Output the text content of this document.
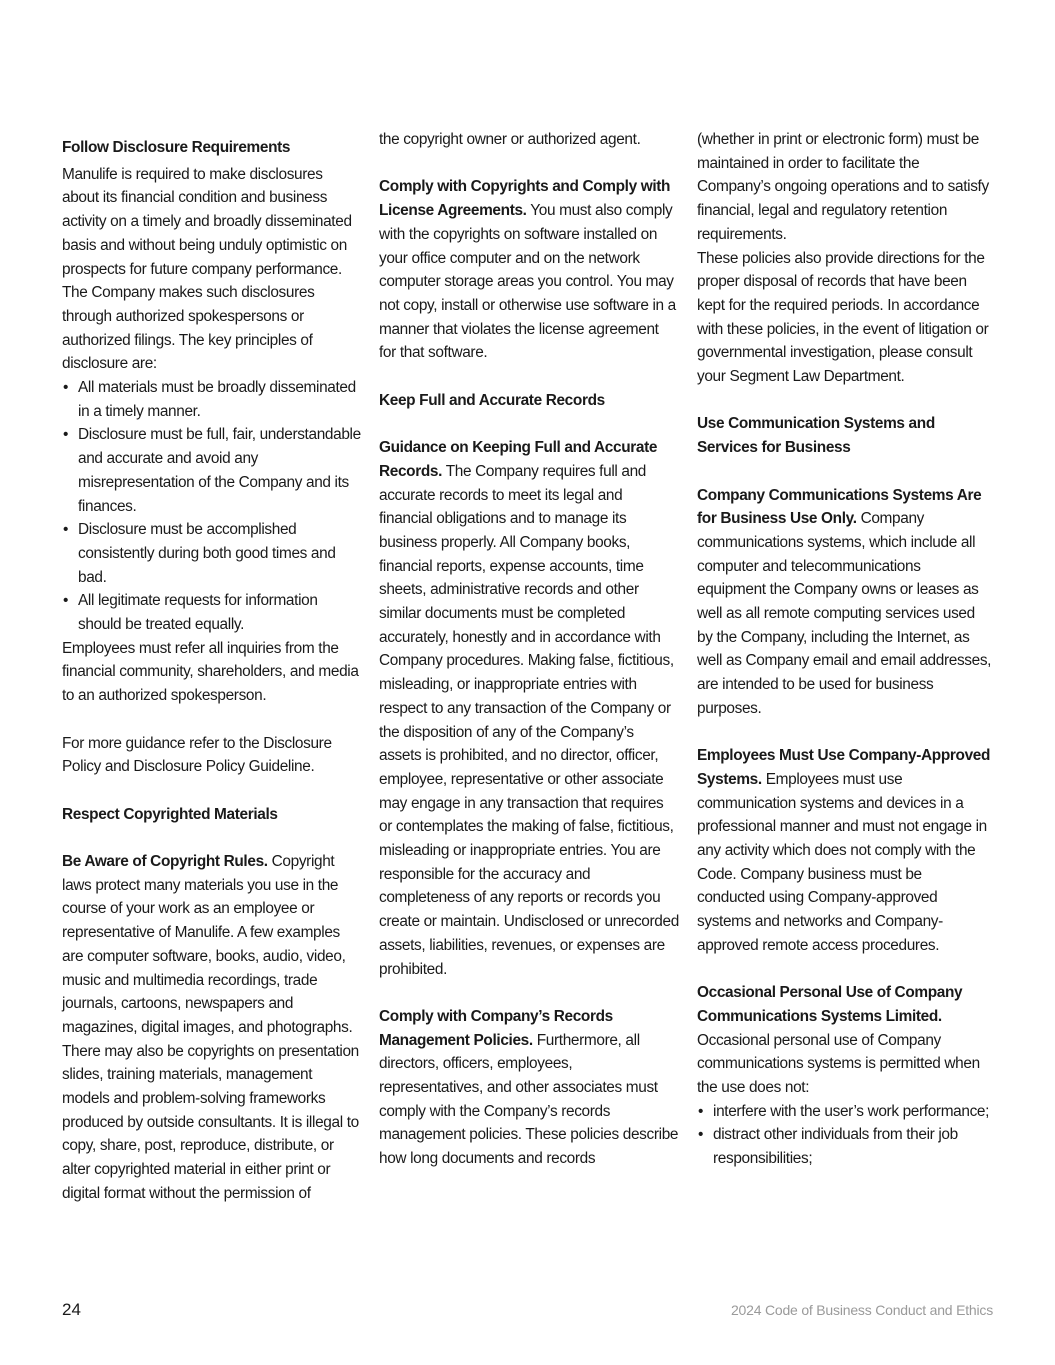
Follow Disclosure Requirements

Manulife is required to make disclosures about its financial condition and business activity on a timely and broadly disseminated basis and without being unduly optimistic on prospects for future company performance. The Company makes such disclosures through authorized spokespersons or authorized filings. The key principles of disclosure are:

• All materials must be broadly disseminated in a timely manner.
• Disclosure must be full, fair, understandable and accurate and avoid any misrepresentation of the Company and its finances.
• Disclosure must be accomplished consistently during both good times and bad.
• All legitimate requests for information should be treated equally.

Employees must refer all inquiries from the financial community, shareholders, and media to an authorized spokesperson.

For more guidance refer to the Disclosure Policy and Disclosure Policy Guideline.

Respect Copyrighted Materials

Be Aware of Copyright Rules. Copyright laws protect many materials you use in the course of your work as an employee or representative of Manulife. A few examples are computer software, books, audio, video, music and multimedia recordings, trade journals, cartoons, newspapers and magazines, digital images, and photographs. There may also be copyrights on presentation slides, training materials, management models and problem-solving frameworks produced by outside consultants. It is illegal to copy, share, post, reproduce, distribute, or alter copyrighted material in either print or digital format without the permission of

the copyright owner or authorized agent.

Comply with Copyrights and Comply with License Agreements. You must also comply with the copyrights on software installed on your office computer and on the network computer storage areas you control. You may not copy, install or otherwise use software in a manner that violates the license agreement for that software.

Keep Full and Accurate Records

Guidance on Keeping Full and Accurate Records. The Company requires full and accurate records to meet its legal and financial obligations and to manage its business properly. All Company books, financial reports, expense accounts, time sheets, administrative records and other similar documents must be completed accurately, honestly and in accordance with Company procedures. Making false, fictitious, misleading, or inappropriate entries with respect to any transaction of the Company or the disposition of any of the Company’s assets is prohibited, and no director, officer, employee, representative or other associate may engage in any transaction that requires or contemplates the making of false, fictitious, misleading or inappropriate entries. You are responsible for the accuracy and completeness of any reports or records you create or maintain. Undisclosed or unrecorded assets, liabilities, revenues, or expenses are prohibited.

Comply with Company’s Records Management Policies. Furthermore, all directors, officers, employees, representatives, and other associates must comply with the Company’s records management policies. These policies describe how long documents and records

(whether in print or electronic form) must be maintained in order to facilitate the Company’s ongoing operations and to satisfy financial, legal and regulatory retention requirements.

These policies also provide directions for the proper disposal of records that have been kept for the required periods. In accordance with these policies, in the event of litigation or governmental investigation, please consult your Segment Law Department.

Use Communication Systems and Services for Business

Company Communications Systems Are for Business Use Only. Company communications systems, which include all computer and telecommunications equipment the Company owns or leases as well as all remote computing services used by the Company, including the Internet, as well as Company email and email addresses, are intended to be used for business purposes.

Employees Must Use Company-Approved Systems. Employees must use communication systems and devices in a professional manner and must not engage in any activity which does not comply with the Code. Company business must be conducted using Company-approved systems and networks and Company-approved remote access procedures.

Occasional Personal Use of Company Communications Systems Limited.

Occasional personal use of Company communications systems is permitted when the use does not:

• interfere with the user’s work performance;
• distract other individuals from their job responsibilities;
24	2024 Code of Business Conduct and Ethics
